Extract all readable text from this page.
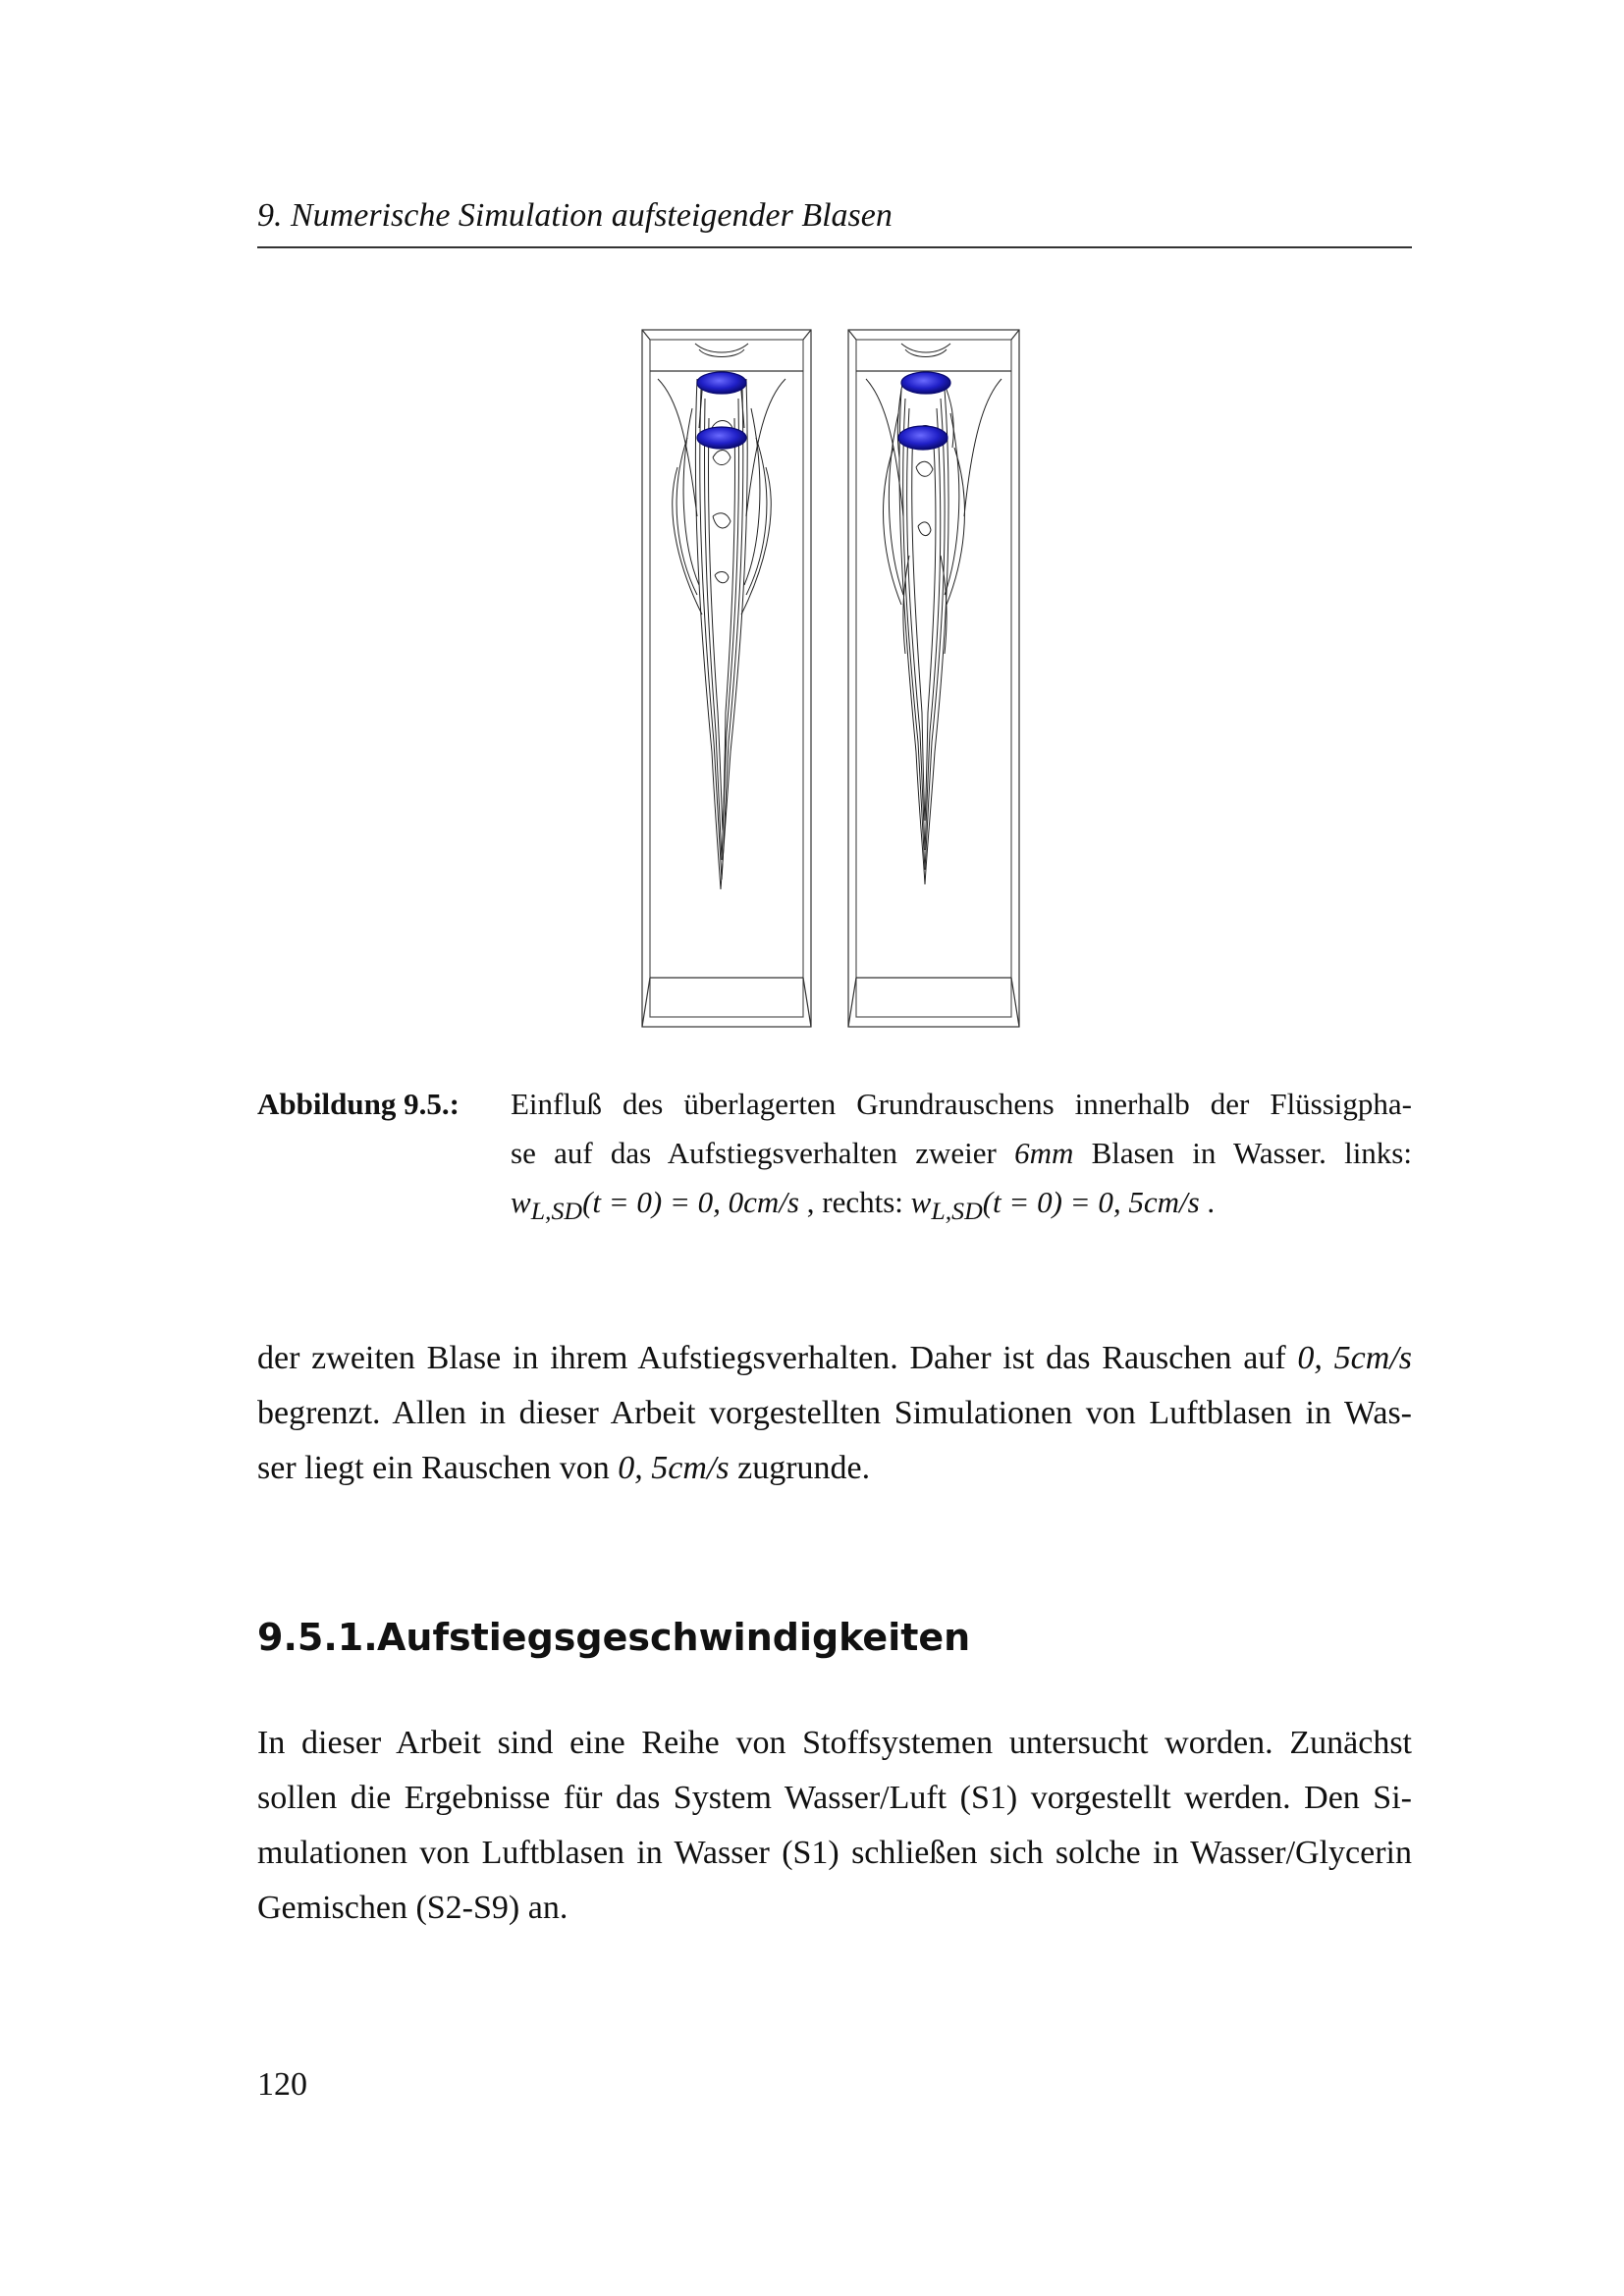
9. Numerische Simulation aufsteigender Blasen
Abbildung 9.5.: Einfluß des überlagerten Grundrauschens innerhalb der Flüssigpha-
se auf das Aufstiegsverhalten zweier 6mm Blasen in Wasser. links:
$w_{L,SD}(t = 0) = 0$, 0cm/s , rechts: $w_{L,SD}(t = 0) = 0$, 5cm/s .
der zweiten Blase in ihrem Aufstiegsverhalten. Daher ist das Rauschen auf 0, 5cm/s
begrenzt. Allen in dieser Arbeit vorgestellten Simulationen von Luftblasen in Was-
ser liegt ein Rauschen von 0, 5cm/s zugrunde.
9.5.1.Aufstiegsgeschwindigkeiten
In dieser Arbeit sind eine Reihe von Stoffsystemen untersucht worden. Zunächst
sollen die Ergebnisse für das System Wasser/Luft (S1) vorgestellt werden. Den Si-
mulationen von Luftblasen in Wasser (S1) schließen sich solche in Wasser/Glycerin
Gemischen (S2-S9) an.
120
